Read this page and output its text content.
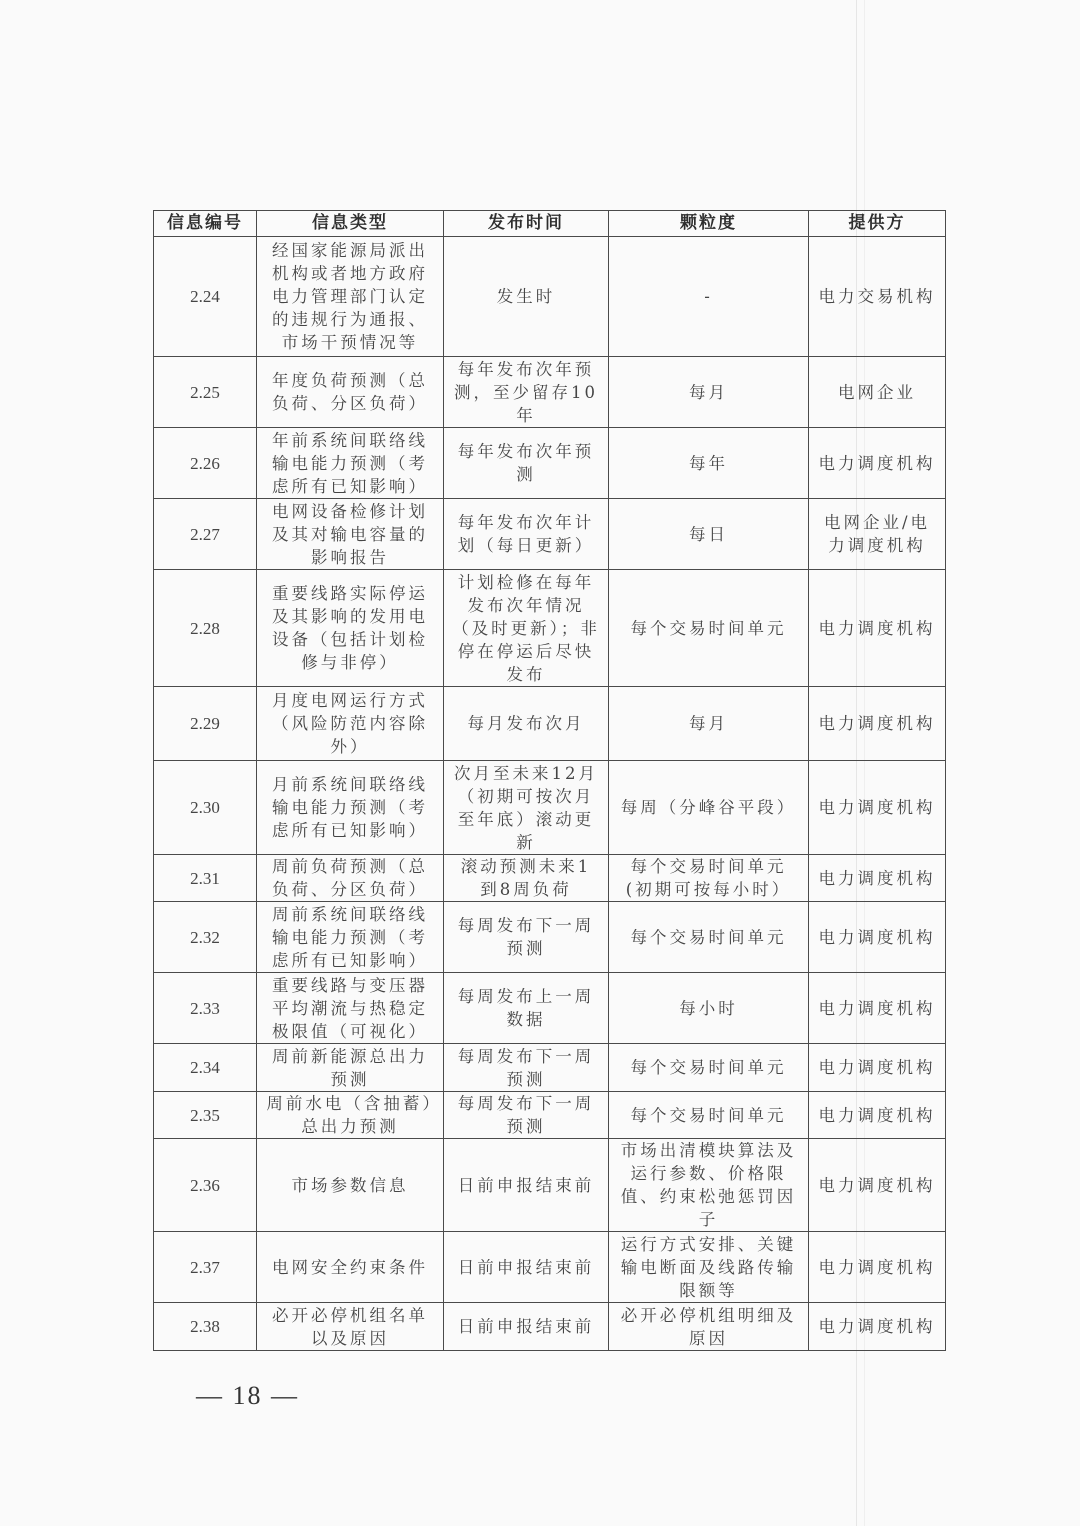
信息编号	信息类型	发布时间	颗粒度	提供方
2.24	经国家能源局派出机构或者地方政府电力管理部门认定的违规行为通报、市场干预情况等	发生时	-	电力交易机构
2.25	年度负荷预测（总负荷、分区负荷）	每年发布次年预测，至少留存10年	每月	电网企业
2.26	年前系统间联络线输电能力预测（考虑所有已知影响）	每年发布次年预测	每年	电力调度机构
2.27	电网设备检修计划及其对输电容量的影响报告	每年发布次年计划（每日更新）	每日	电网企业/电力调度机构
2.28	重要线路实际停运及其影响的发用电设备（包括计划检修与非停）	计划检修在每年发布次年情况（及时更新）；非停在停运后尽快发布	每个交易时间单元	电力调度机构
2.29	月度电网运行方式（风险防范内容除外）	每月发布次月	每月	电力调度机构
2.30	月前系统间联络线输电能力预测（考虑所有已知影响）	次月至未来12月（初期可按次月至年底）滚动更新	每周（分峰谷平段）	电力调度机构
2.31	周前负荷预测（总负荷、分区负荷）	滚动预测未来1到8周负荷	每个交易时间单元(初期可按每小时）	电力调度机构
2.32	周前系统间联络线输电能力预测（考虑所有已知影响）	每周发布下一周预测	每个交易时间单元	电力调度机构
2.33	重要线路与变压器平均潮流与热稳定极限值（可视化）	每周发布上一周数据	每小时	电力调度机构
2.34	周前新能源总出力预测	每周发布下一周预测	每个交易时间单元	电力调度机构
2.35	周前水电（含抽蓄）总出力预测	每周发布下一周预测	每个交易时间单元	电力调度机构
2.36	市场参数信息	日前申报结束前	市场出清模块算法及运行参数、价格限值、约束松弛惩罚因子	电力调度机构
2.37	电网安全约束条件	日前申报结束前	运行方式安排、关键输电断面及线路传输限额等	电力调度机构
2.38	必开必停机组名单以及原因	日前申报结束前	必开必停机组明细及原因	电力调度机构
— 18 —
